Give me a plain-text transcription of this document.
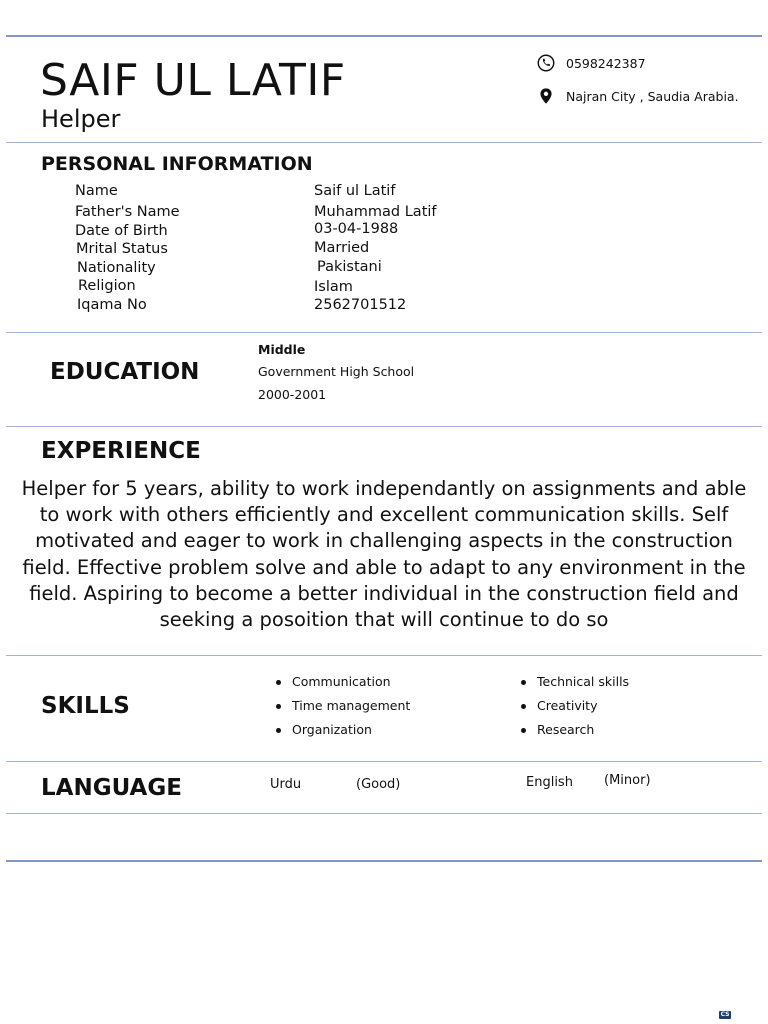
SAIF UL LATIF
Helper
0598242387
Najran City , Saudia Arabia.
PERSONAL INFORMATION
Name	Saif ul Latif
Father's Name	Muhammad Latif
Date of Birth	03-04-1988
Mrital Status	Married
Nationality	Pakistani
Religion	Islam
Iqama No	2562701512
EDUCATION
Middle
Government High School
2000-2001
EXPERIENCE
Helper for 5 years, ability to work independantly on assignments and able to work with others efficiently and excellent communication skills. Self motivated and eager to work in challenging aspects in the construction field. Effective problem solve and able to adapt to any environment in the field. Aspiring to become a better individual in the construction field and seeking a posoition that will continue to do so
SKILLS
Communication
Time management
Organization
Technical skills
Creativity
Research
LANGUAGE	Urdu	(Good)	English (Minor)
CS
